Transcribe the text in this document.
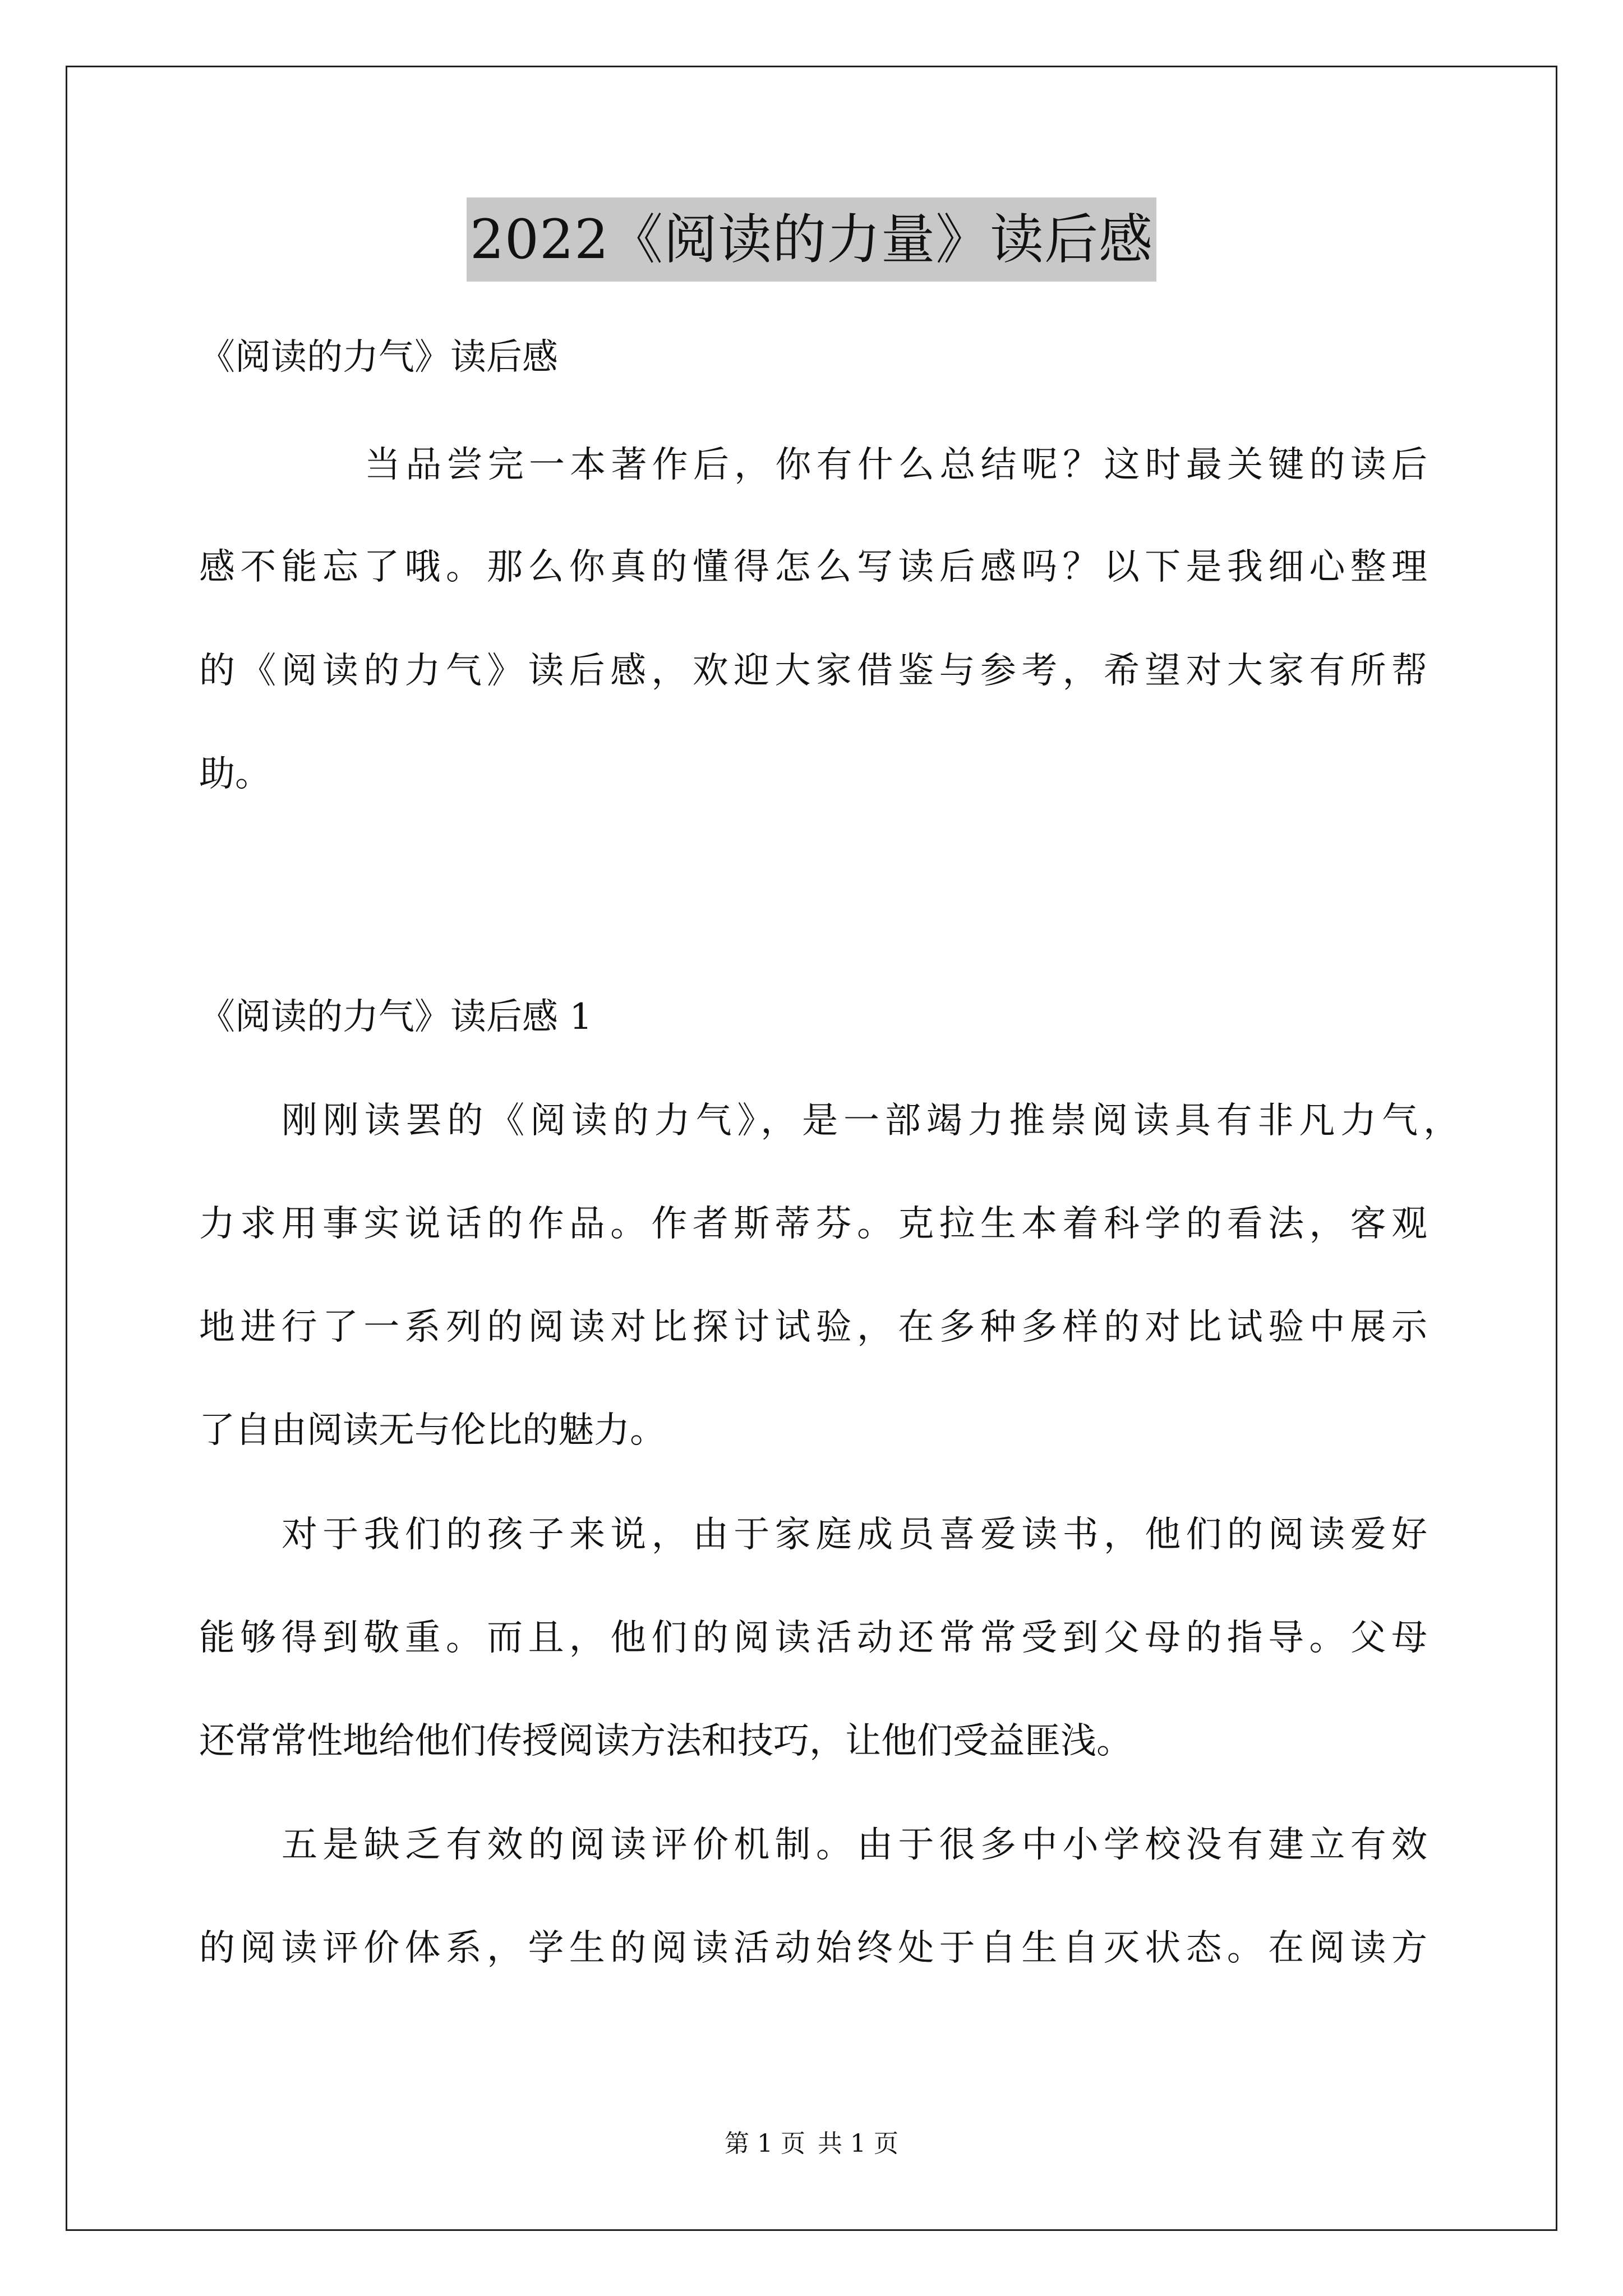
2022《阅读的力量》读后感
《阅读的力气》读后感
当品尝完一本著作后，你有什么总结呢？这时最关键的读后
感不能忘了哦。那么你真的懂得怎么写读后感吗？以下是我细心整理
的《阅读的力气》读后感，欢迎大家借鉴与参考，希望对大家有所帮
助。
《阅读的力气》读后感 1
刚刚读罢的《阅读的力气》，是一部竭力推崇阅读具有非凡力气，
力求用事实说话的作品。作者斯蒂芬。克拉生本着科学的看法，客观
地进行了一系列的阅读对比探讨试验，在多种多样的对比试验中展示
了自由阅读无与伦比的魅力。
对于我们的孩子来说，由于家庭成员喜爱读书，他们的阅读爱好
能够得到敬重。而且，他们的阅读活动还常常受到父母的指导。父母
还常常性地给他们传授阅读方法和技巧，让他们受益匪浅。
五是缺乏有效的阅读评价机制。由于很多中小学校没有建立有效
的阅读评价体系，学生的阅读活动始终处于自生自灭状态。在阅读方
第 1 页 共 1 页
